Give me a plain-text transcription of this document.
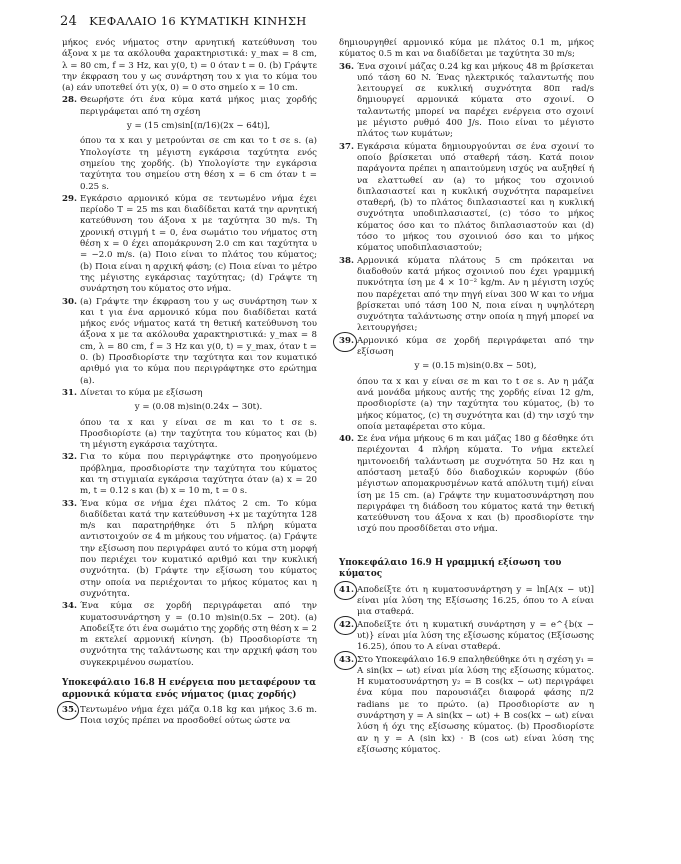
24 ΚΕΦΑΛΑΙΟ 16 ΚΥΜΑΤΙΚΗ ΚΙΝΗΣΗ

μήκος ενός νήματος στην αρνητική κατεύθυνση του άξονα x με τα ακόλουθα χαρακτηριστικά: y_max = 8 cm, λ = 80 cm, f = 3 Hz, και y(0, t) = 0 όταν t = 0. (b) Γράψτε την έκφραση του y ως συνάρτηση του x για το κύμα του (a) εάν υποτεθεί ότι y(x, 0) = 0 στο σημείο x = 10 cm.

28. Θεωρήστε ότι ένα κύμα κατά μήκος μιας χορδής περιγράφεται από τη σχέση
y = (15 cm)sin[(π/16)(2x − 64t)],
όπου τα x και y μετρούνται σε cm και το t σε s. (a) Υπολογίστε τη μέγιστη εγκάρσια ταχύτητα ενός σημείου της χορδής. (b) Υπολογίστε την εγκάρσια ταχύτητα του σημείου στη θέση x = 6 cm όταν t = 0.25 s.
29. Εγκάρσιο αρμονικό κύμα σε τεντωμένο νήμα έχει περίοδο T = 25 ms και διαδίδεται κατά την αρνητική κατεύθυνση του άξονα x με ταχύτητα 30 m/s. Τη χρονική στιγμή t = 0, ένα σωμάτιο του νήματος στη θέση x = 0 έχει απομάκρυνση 2.0 cm και ταχύτητα υ = −2.0 m/s. (a) Ποιο είναι το πλάτος του κύματος; (b) Ποια είναι η αρχική φάση; (c) Ποια είναι το μέτρο της μέγιστης εγκάρσιας ταχύτητας; (d) Γράψτε τη συνάρτηση του κύματος στο νήμα.
30. (a) Γράψτε την έκφραση του y ως συνάρτηση των x και t για ένα αρμονικό κύμα που διαδίδεται κατά μήκος ενός νήματος κατά τη θετική κατεύθυνση του άξονα x με τα ακόλουθα χαρακτηριστικά: y_max = 8 cm, λ = 80 cm, f = 3 Hz και y(0, t) = y_max, όταν t = 0. (b) Προσδιορίστε την ταχύτητα και τον κυματικό αριθμό για το κύμα που περιγράφτηκε στο ερώτημα (a).
31. Δίνεται το κύμα με εξίσωση
y = (0.08 m)sin(0.24x − 30t).
όπου τα x και y είναι σε m και το t σε s. Προσδιορίστε (a) την ταχύτητα του κύματος και (b) τη μέγιστη εγκάρσια ταχύτητα.
32. Για το κύμα που περιγράφτηκε στο προηγούμενο πρόβλημα, προσδιορίστε την ταχύτητα του κύματος και τη στιγμιαία εγκάρσια ταχύτητα όταν (a) x = 20 m, t = 0.12 s και (b) x = 10 m, t = 0 s.
33. Ένα κύμα σε νήμα έχει πλάτος 2 cm. Το κύμα διαδίδεται κατά την κατεύθυνση +x με ταχύτητα 128 m/s και παρατηρήθηκε ότι 5 πλήρη κύματα αντιστοιχούν σε 4 m μήκους του νήματος. (a) Γράψτε την εξίσωση που περιγράφει αυτό το κύμα στη μορφή που περιέχει τον κυματικό αριθμό και την κυκλική συχνότητα. (b) Γράψτε την εξίσωση του κύματος στην οποία να περιέχονται το μήκος κύματος και η συχνότητα.
34. Ένα κύμα σε χορδή περιγράφεται από την κυματοσυνάρτηση y = (0.10 m)sin(0.5x − 20t). (a) Αποδείξτε ότι ένα σωμάτιο της χορδής στη θέση x = 2 m εκτελεί αρμονική κίνηση. (b) Προσδιορίστε τη συχνότητα της ταλάντωσης και την αρχική φάση του συγκεκριμένου σωματίου.
Υποκεφάλαιο 16.8 Η ενέργεια που μεταφέρουν τα αρμονικά κύματα ενός νήματος (μιας χορδής)
35. Τεντωμένο νήμα έχει μάζα 0.18 kg και μήκος 3.6 m. Ποια ισχύς πρέπει να προσδοθεί ούτως ώστε να

δημιουργηθεί αρμονικό κύμα με πλάτος 0.1 m, μήκος κύματος 0.5 m και να διαδίδεται με ταχύτητα 30 m/s;

36. Ένα σχοινί μάζας 0.24 kg και μήκους 48 m βρίσκεται υπό τάση 60 N. Ένας ηλεκτρικός ταλαντωτής που λειτουργεί σε κυκλική συχνότητα 80π rad/s δημιουργεί αρμονικά κύματα στο σχοινί. Ο ταλαντωτής μπορεί να παρέχει ενέργεια στο σχοινί με μέγιστο ρυθμό 400 J/s. Ποιο είναι το μέγιστο πλάτος των κυμάτων;
37. Εγκάρσια κύματα δημιουργούνται σε ένα σχοινί το οποίο βρίσκεται υπό σταθερή τάση. Κατά ποιον παράγοντα πρέπει η απαιτούμενη ισχύς να αυξηθεί ή να ελαττωθεί αν (a) το μήκος του σχοινιού διπλασιαστεί και η κυκλική συχνότητα παραμείνει σταθερή, (b) το πλάτος διπλασιαστεί και η κυκλική συχνότητα υποδιπλασιαστεί, (c) τόσο το μήκος κύματος όσο και το πλάτος διπλασιαστούν και (d) τόσο το μήκος του σχοινιού όσο και το μήκος κύματος υποδιπλασιαστούν;
38. Αρμονικά κύματα πλάτους 5 cm πρόκειται να διαδοθούν κατά μήκος σχοινιού που έχει γραμμική πυκνότητα ίση με 4 × 10⁻² kg/m. Αν η μέγιστη ισχύς που παρέχεται από την πηγή είναι 300 W και το νήμα βρίσκεται υπό τάση 100 N, ποια είναι η υψηλότερη συχνότητα ταλάντωσης στην οποία η πηγή μπορεί να λειτουργήσει;
39. Αρμονικό κύμα σε χορδή περιγράφεται από την εξίσωση
y = (0.15 m)sin(0.8x − 50t),
όπου τα x και y είναι σε m και το t σε s. Αν η μάζα ανά μονάδα μήκους αυτής της χορδής είναι 12 g/m, προσδιορίστε (a) την ταχύτητα του κύματος, (b) το μήκος κύματος, (c) τη συχνότητα και (d) την ισχύ την οποία μεταφέρεται στο κύμα.
40. Σε ένα νήμα μήκους 6 m και μάζας 180 g δέσθηκε ότι περιέχονται 4 πλήρη κύματα. Το νήμα εκτελεί ημιτονοειδή ταλάντωση με συχνότητα 50 Hz και η απόσταση μεταξύ δύο διαδοχικών κορυφών (δύο μέγιστων απομακρυσμένων κατά απόλυτη τιμή) είναι ίση με 15 cm. (a) Γράψτε την κυματοσυνάρτηση που περιγράφει τη διάδοση του κύματος κατά την θετική κατεύθυνση του άξονα x και (b) προσδιορίστε την ισχύ που προσδίδεται στο νήμα.
Υποκεφάλαιο 16.9 Η γραμμική εξίσωση του κύματος
41. Αποδείξτε ότι η κυματοσυνάρτηση y = ln[A(x − υt)] είναι μία λύση της Εξίσωσης 16.25, όπου το A είναι μια σταθερά.
42. Αποδείξτε ότι η κυματική συνάρτηση y = e^{b(x − υt)} είναι μία λύση της εξίσωσης κύματος (Εξίσωσης 16.25), όπου το A είναι σταθερά.
43. Στο Υποκεφάλαιο 16.9 επαληθεύθηκε ότι η σχέση y₁ = A sin(kx − ωt) είναι μία λύση της εξίσωσης κύματος. Η κυματοσυνάρτηση y₂ = B cos(kx − ωt) περιγράφει ένα κύμα που παρουσιάζει διαφορά φάσης π/2 radians με το πρώτο. (a) Προσδιορίστε αν η συνάρτηση y = A sin(kx − ωt) + B cos(kx − ωt) είναι λύση ή όχι της εξίσωσης κύματος. (b) Προσδιορίστε αν η y = A (sin kx) · B (cos ωt) είναι λύση της εξίσωσης κύματος.
